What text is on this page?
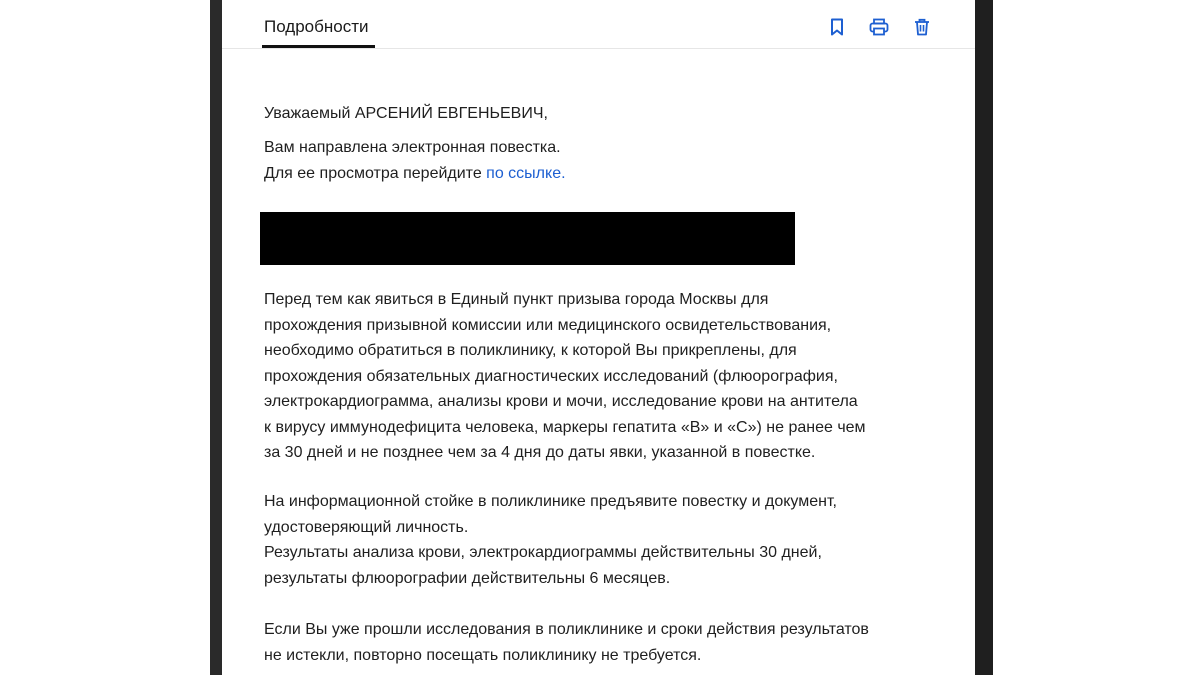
Подробности

Уважаемый АРСЕНИЙ ЕВГЕНЬЕВИЧ,

Вам направлена электронная повестка.
Для ее просмотра перейдите по ссылке.
Перед тем как явиться в Единый пункт призыва города Москвы для
прохождения призывной комиссии или медицинского освидетельствования,
необходимо обратиться в поликлинику, к которой Вы прикреплены, для
прохождения обязательных диагностических исследований (флюорография,
электрокардиограмма, анализы крови и мочи, исследование крови на антитела
к вирусу иммунодефицита человека, маркеры гепатита «В» и «С») не ранее чем
за 30 дней и не позднее чем за 4 дня до даты явки, указанной в повестке.
На информационной стойке в поликлинике предъявите повестку и документ,
удостоверяющий личность.
Результаты анализа крови, электрокардиограммы действительны 30 дней,
результаты флюорографии действительны 6 месяцев.
Если Вы уже прошли исследования в поликлинике и сроки действия результатов
не истекли, повторно посещать поликлинику не требуется.
